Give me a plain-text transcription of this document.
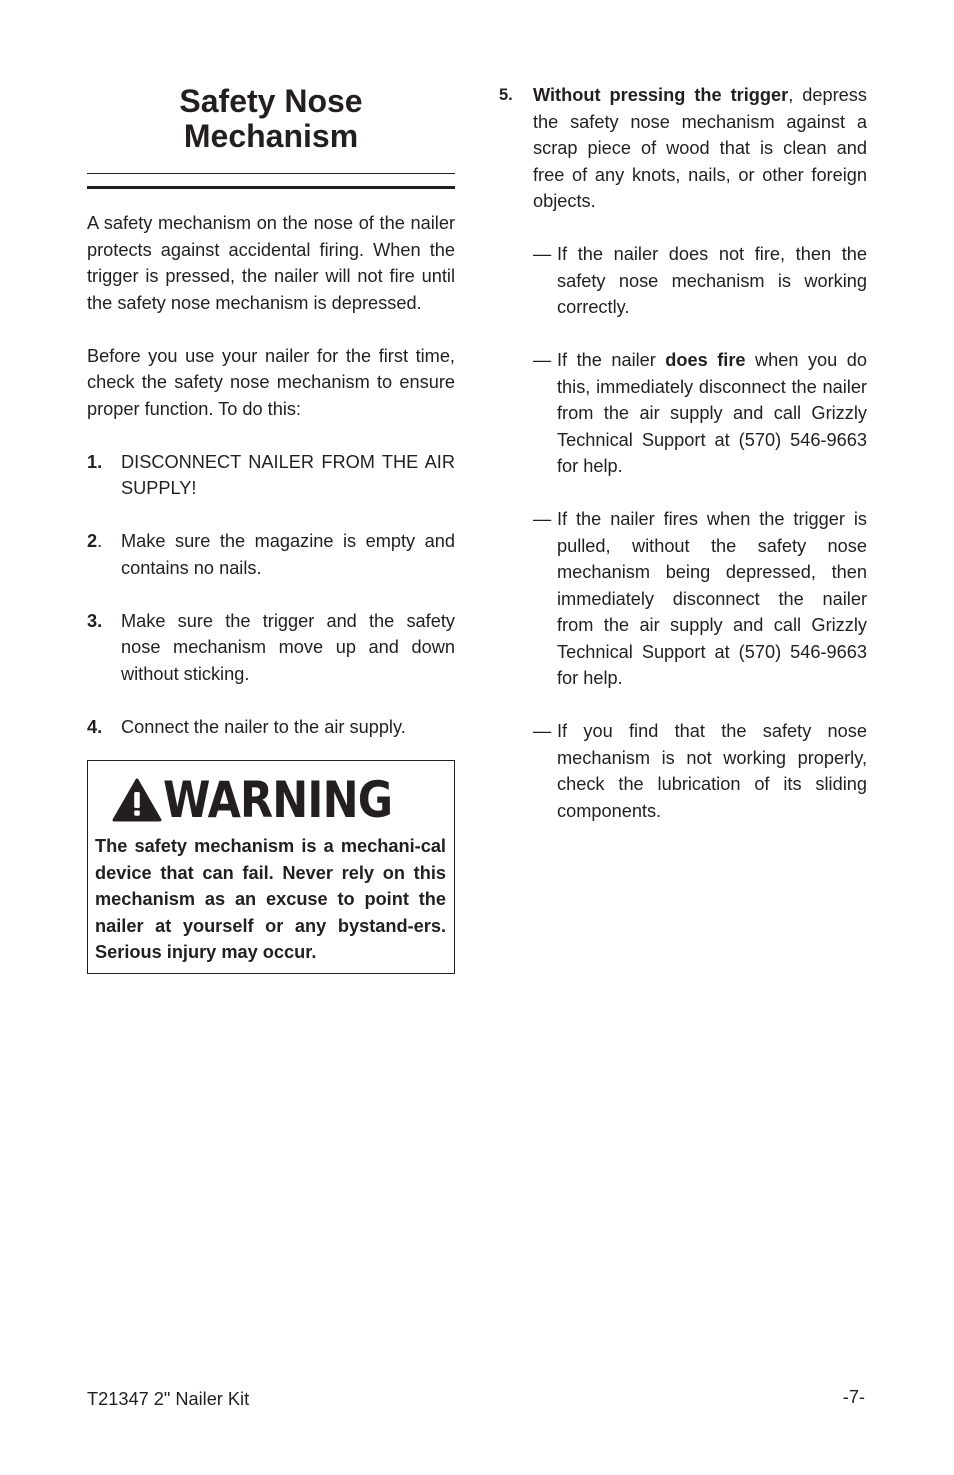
Safety Nose
Mechanism

A safety mechanism on the nose of the nailer protects against accidental firing. When the trigger is pressed, the nailer will not fire until the safety nose mechanism is depressed.

Before you use your nailer for the first time, check the safety nose mechanism to ensure proper function. To do this:

1.	DISCONNECT NAILER FROM THE AIR SUPPLY!
2.	Make sure the magazine is empty and contains no nails.
3.	Make sure the trigger and the safety nose mechanism move up and down without sticking.
4.	Connect the nailer to the air supply.
WARNING

The safety mechanism is a mechani-cal device that can fail. Never rely on this mechanism as an excuse to point the nailer at yourself or any bystand-ers. Serious injury may occur.

5.	Without pressing the trigger, depress the safety nose mechanism against a scrap piece of wood that is clean and free of any knots, nails, or other foreign objects.
— If the nailer does not fire, then the safety nose mechanism is working correctly.
— If the nailer does fire when you do this, immediately disconnect the nailer from the air supply and call Grizzly Technical Support at (570) 546-9663 for help.
— If the nailer fires when the trigger is pulled, without the safety nose mechanism being depressed, then immediately disconnect the nailer from the air supply and call Grizzly Technical Support at (570) 546-9663 for help.
— If you find that the safety nose mechanism is not working properly, check the lubrication of its sliding components.
T21347 2" Nailer Kit	-7-
